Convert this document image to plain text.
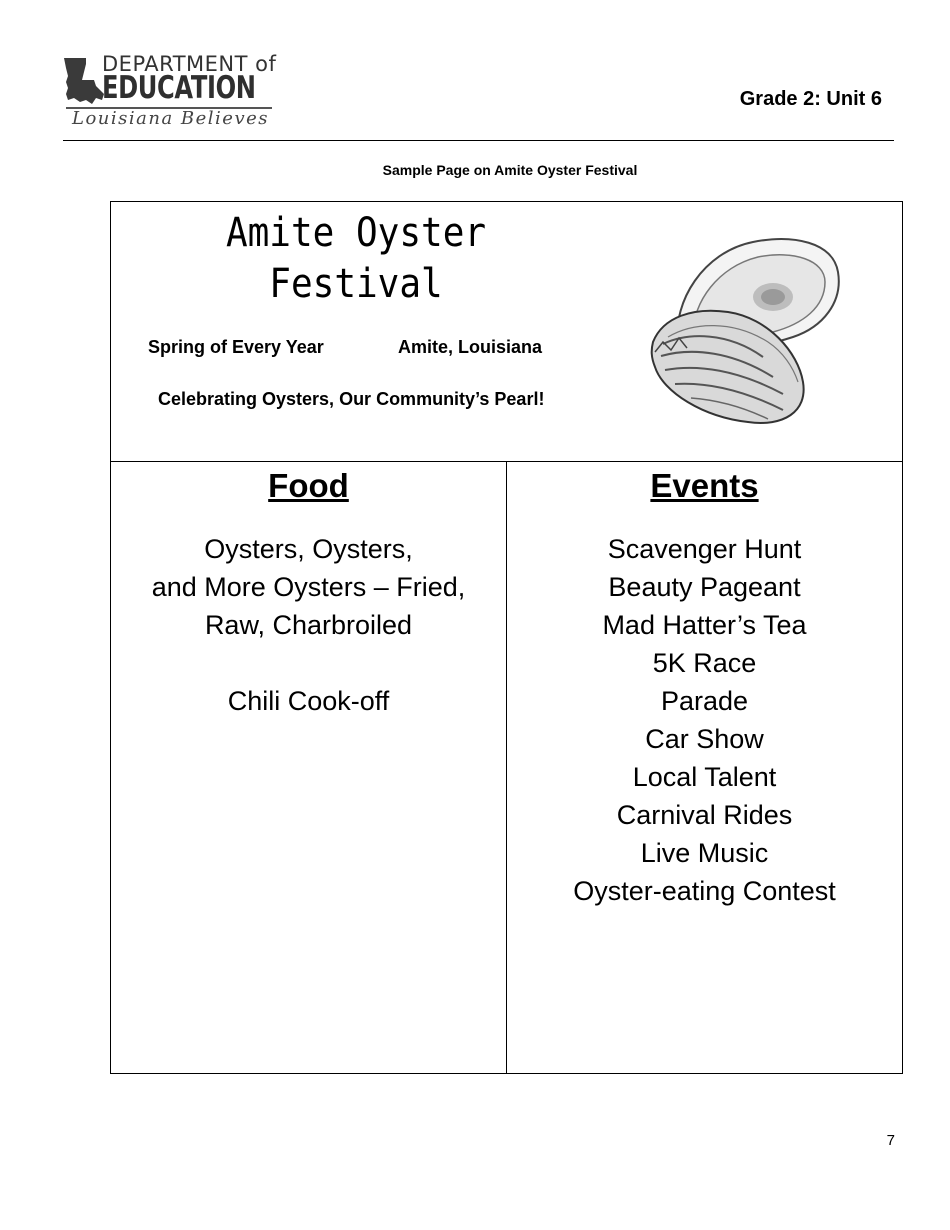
DEPARTMENT of
EDUCATION
Louisiana Believes
Grade 2: Unit 6
Sample Page on Amite Oyster Festival
Amite Oyster
Festival
Spring of Every Year	Amite, Louisiana
Celebrating Oysters, Our Community’s Pearl!
Food
Oysters, Oysters,
and More Oysters – Fried,
Raw, Charbroiled
Chili Cook-off
Events
Scavenger Hunt
Beauty Pageant
Mad Hatter’s Tea
5K Race
Parade
Car Show
Local Talent
Carnival Rides
Live Music
Oyster-eating Contest
7
